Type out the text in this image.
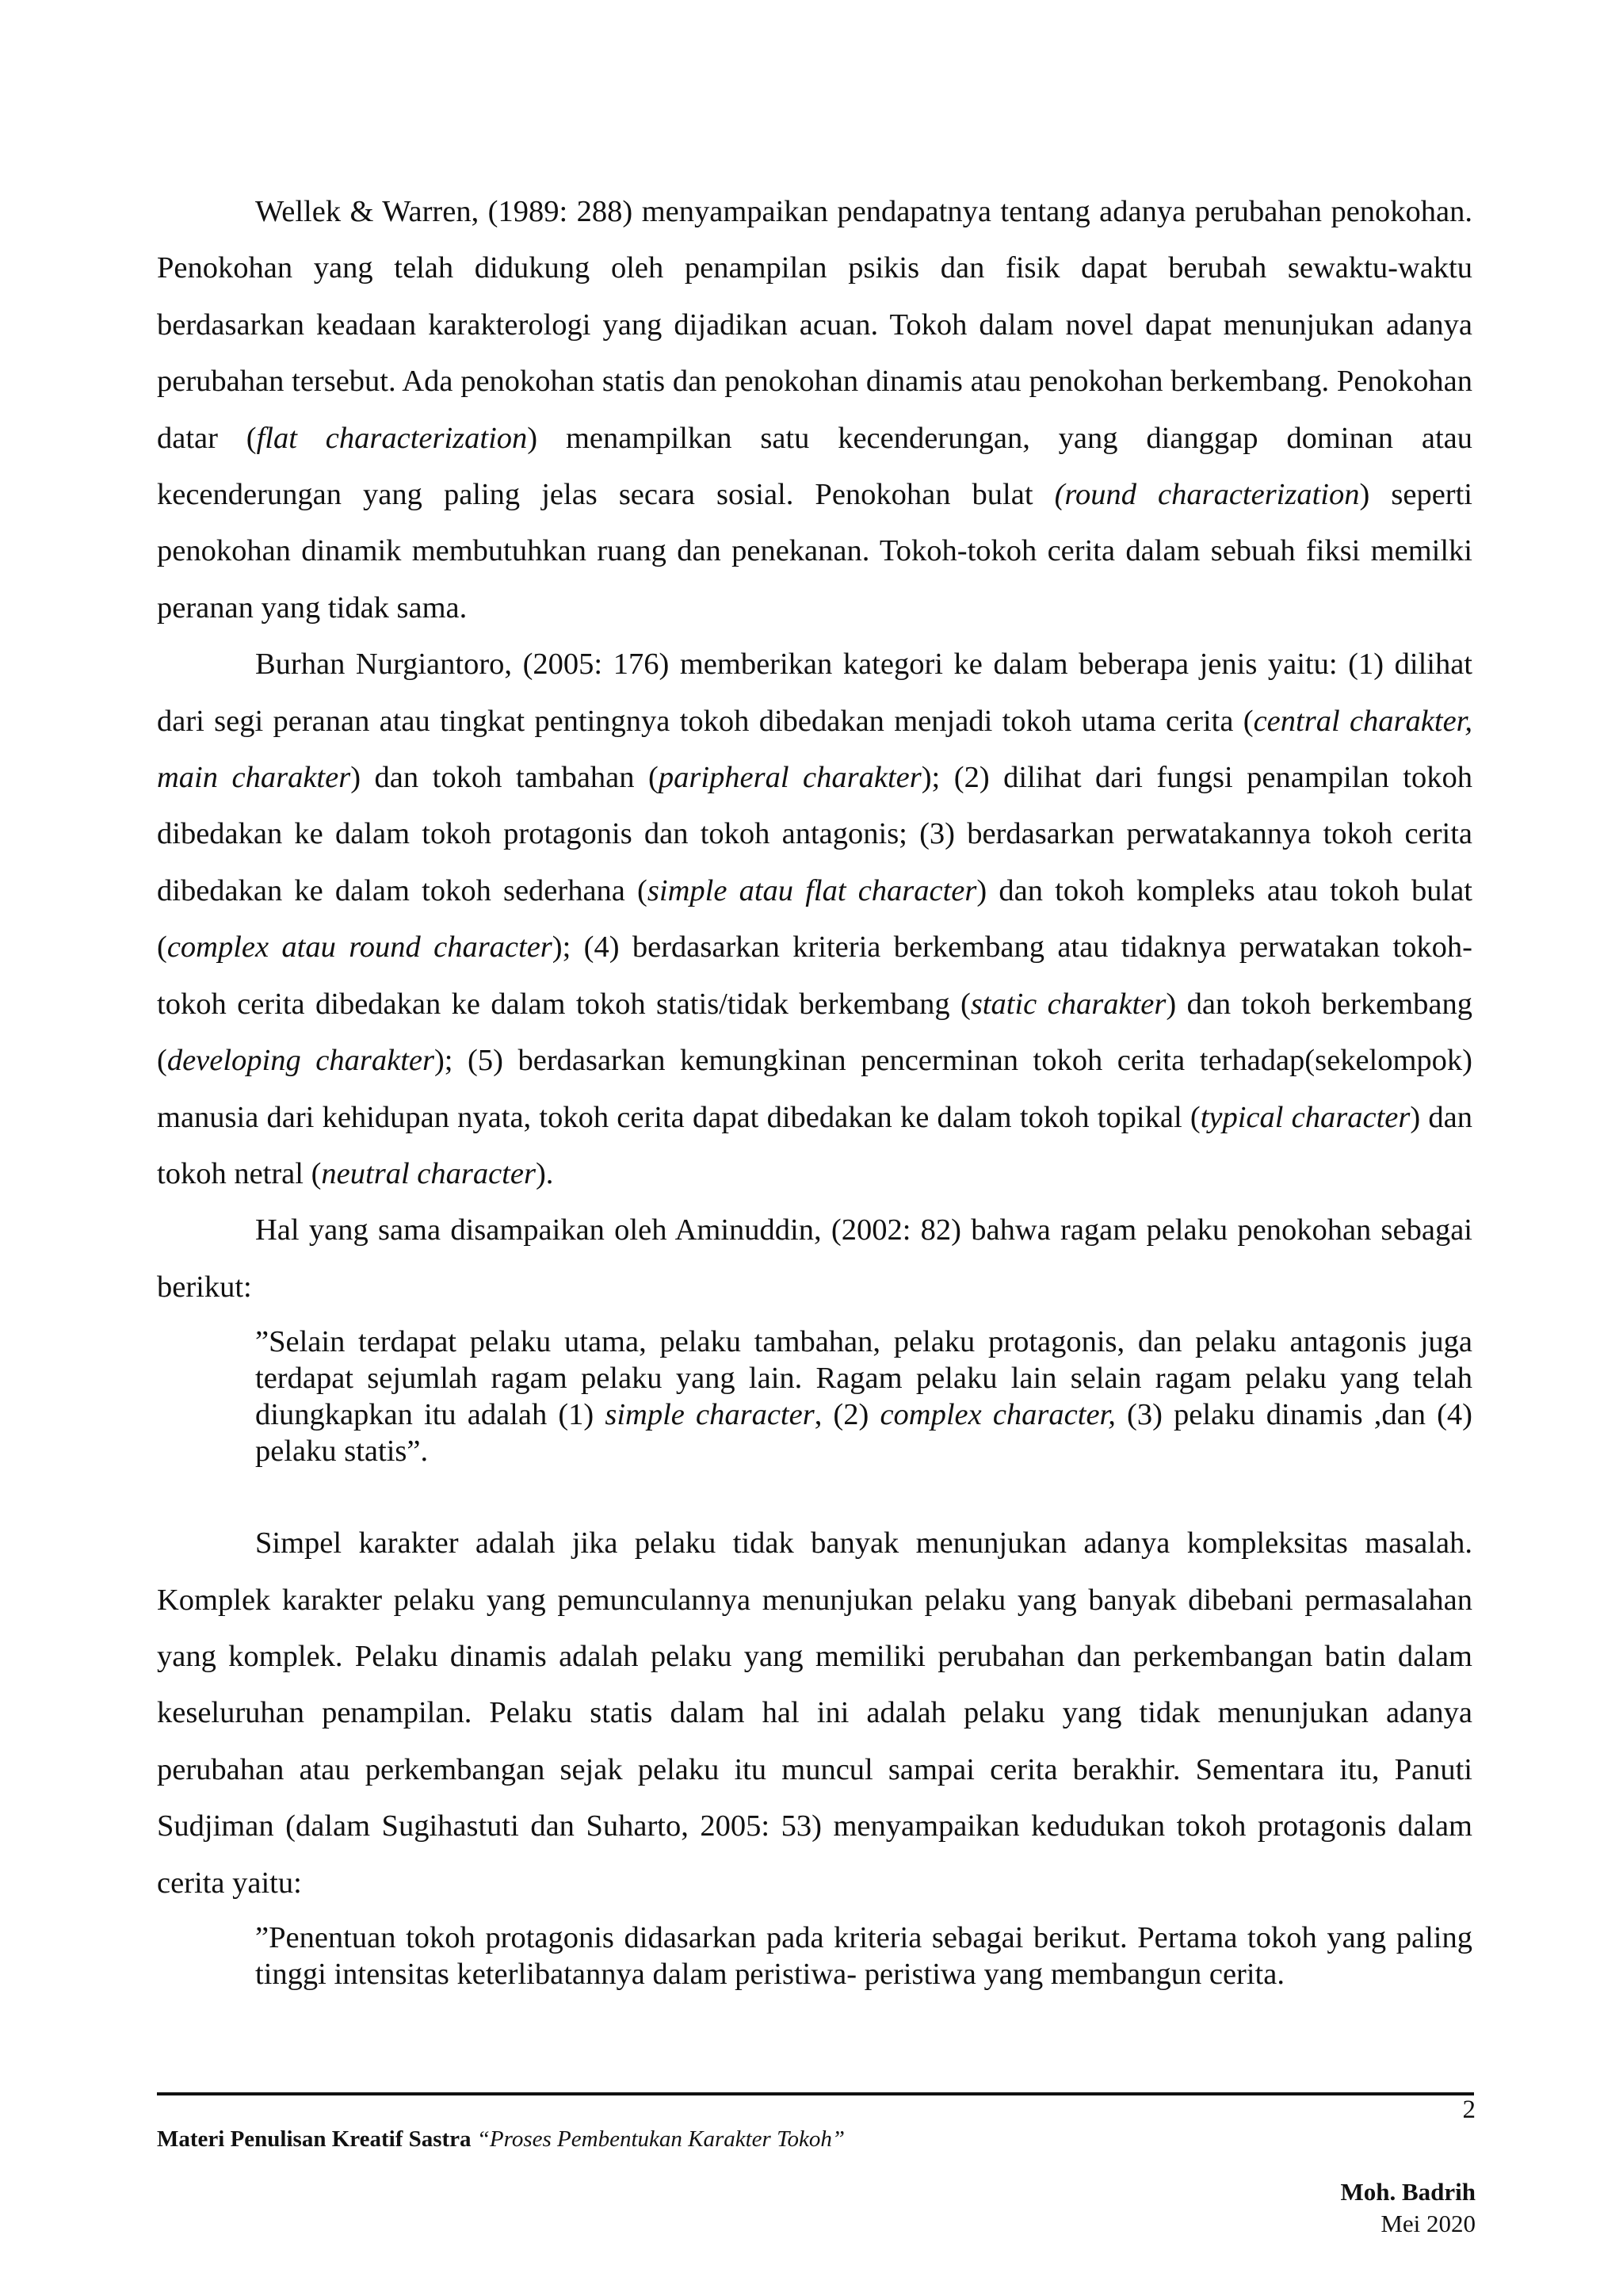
Wellek & Warren, (1989: 288) menyampaikan pendapatnya tentang adanya perubahan penokohan. Penokohan yang telah didukung oleh penampilan psikis dan fisik dapat berubah sewaktu-waktu berdasarkan keadaan karakterologi yang dijadikan acuan. Tokoh dalam novel dapat menunjukan adanya perubahan tersebut. Ada penokohan statis dan penokohan dinamis atau penokohan berkembang. Penokohan datar (flat characterization) menampilkan satu kecenderungan, yang dianggap dominan atau kecenderungan yang paling jelas secara sosial. Penokohan bulat (round characterization) seperti penokohan dinamik membutuhkan ruang dan penekanan. Tokoh-tokoh cerita dalam sebuah fiksi memilki peranan yang tidak sama.

Burhan Nurgiantoro, (2005: 176) memberikan kategori ke dalam beberapa jenis yaitu: (1) dilihat dari segi peranan atau tingkat pentingnya tokoh dibedakan menjadi tokoh utama cerita (central charakter, main charakter) dan tokoh tambahan (paripheral charakter); (2) dilihat dari fungsi penampilan tokoh dibedakan ke dalam tokoh protagonis dan tokoh antagonis; (3) berdasarkan perwatakannya tokoh cerita dibedakan ke dalam tokoh sederhana (simple atau flat character) dan tokoh kompleks atau tokoh bulat (complex atau round character); (4) berdasarkan kriteria berkembang atau tidaknya perwatakan tokoh-tokoh cerita dibedakan ke dalam tokoh statis/tidak berkembang (static charakter) dan tokoh berkembang (developing charakter); (5) berdasarkan kemungkinan pencerminan tokoh cerita terhadap(sekelompok) manusia dari kehidupan nyata, tokoh cerita dapat dibedakan ke dalam tokoh topikal (typical character) dan tokoh netral (neutral character).

Hal yang sama disampaikan oleh Aminuddin, (2002: 82) bahwa ragam pelaku penokohan sebagai berikut:

”Selain terdapat pelaku utama, pelaku tambahan, pelaku protagonis, dan pelaku antagonis juga terdapat sejumlah ragam pelaku yang lain. Ragam pelaku lain selain ragam pelaku yang telah diungkapkan itu adalah (1) simple character, (2) complex character, (3) pelaku dinamis ,dan (4) pelaku statis”.

Simpel karakter adalah jika pelaku tidak banyak menunjukan adanya kompleksitas masalah. Komplek karakter pelaku yang pemunculannya menunjukan pelaku yang banyak dibebani permasalahan yang komplek. Pelaku dinamis adalah pelaku yang memiliki perubahan dan perkembangan batin dalam keseluruhan penampilan. Pelaku statis dalam hal ini adalah pelaku yang tidak menunjukan adanya perubahan atau perkembangan sejak pelaku itu muncul sampai cerita berakhir. Sementara itu, Panuti Sudjiman (dalam Sugihastuti dan Suharto, 2005: 53) menyampaikan kedudukan tokoh protagonis dalam cerita yaitu:

”Penentuan tokoh protagonis didasarkan pada kriteria sebagai berikut. Pertama tokoh yang paling tinggi intensitas keterlibatannya dalam peristiwa- peristiwa yang membangun cerita.
2
Materi Penulisan Kreatif Sastra “Proses Pembentukan Karakter Tokoh”
Moh. Badrih
Mei 2020
